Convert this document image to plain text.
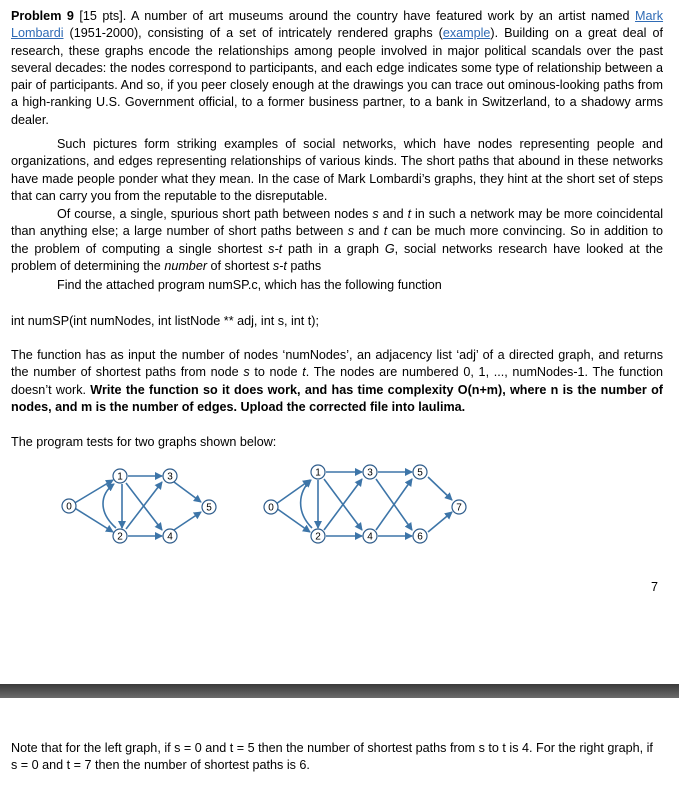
Problem 9 [15 pts]. A number of art museums around the country have featured work by an artist named Mark Lombardi (1951-2000), consisting of a set of intricately rendered graphs (example). Building on a great deal of research, these graphs encode the relationships among people involved in major political scandals over the past several decades: the nodes correspond to participants, and each edge indicates some type of relationship between a pair of participants. And so, if you peer closely enough at the drawings you can trace out ominous-looking paths from a high-ranking U.S. Government official, to a former business partner, to a bank in Switzerland, to a shadowy arms dealer.
Such pictures form striking examples of social networks, which have nodes representing people and organizations, and edges representing relationships of various kinds. The short paths that abound in these networks have made people ponder what they mean. In the case of Mark Lombardi’s graphs, they hint at the short set of steps that can carry you from the reputable to the disreputable.
Of course, a single, spurious short path between nodes s and t in such a network may be more coincidental than anything else; a large number of short paths between s and t can be much more convincing. So in addition to the problem of computing a single shortest s-t path in a graph G, social networks research have looked at the problem of determining the number of shortest s-t paths
Find the attached program numSP.c, which has the following function
int numSP(int numNodes, int listNode ** adj, int s, int t);
The function has as input the number of nodes ‘numNodes’, an adjacency list ‘adj’ of a directed graph, and returns the number of shortest paths from node s to node t. The nodes are numbered 0, 1, ..., numNodes-1. The function doesn’t work. Write the function so it does work, and has time complexity O(n+m), where n is the number of nodes, and m is the number of edges. Upload the corrected file into laulima.
The program tests for two graphs shown below:
0
1
2
3
4
5	0
1
2
3
4
5
6
7
7
Note that for the left graph, if s = 0 and t = 5 then the number of shortest paths from s to t is 4. For the right graph, if s = 0 and t = 7 then the number of shortest paths is 6.
